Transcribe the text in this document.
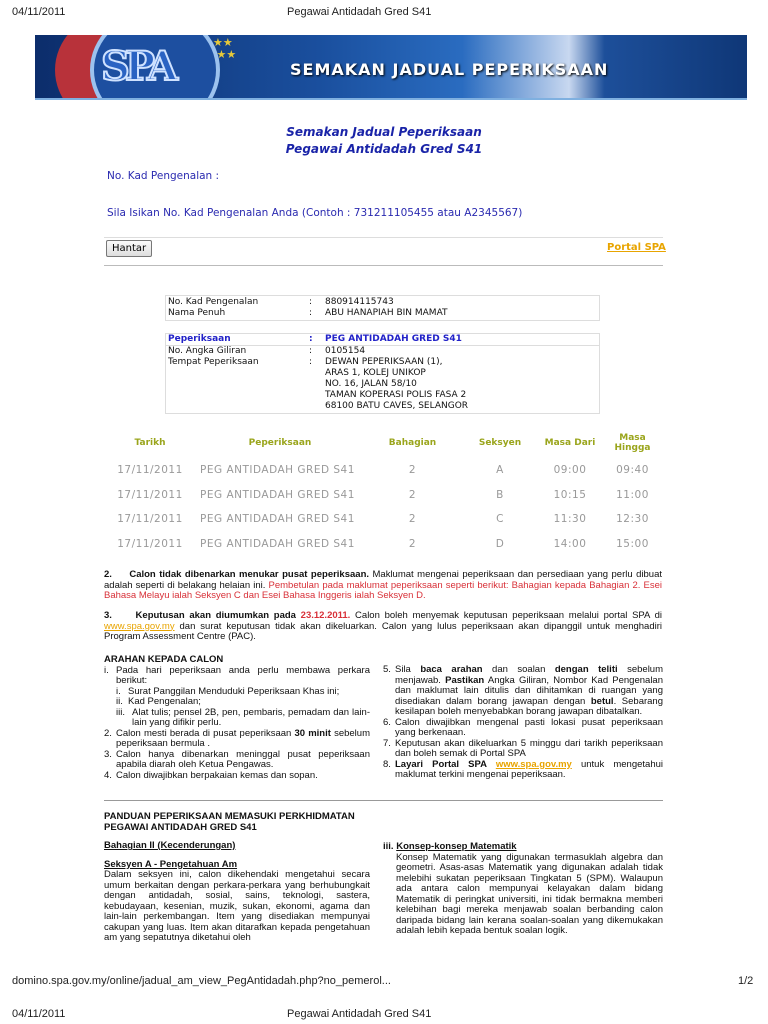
04/11/2011	Pegawai Antidadah Gred S41
SPA
★★
★★
SEMAKAN JADUAL PEPERIKSAAN
Semakan Jadual Peperiksaan
Pegawai Antidadah Gred S41
No. Kad Pengenalan :
Sila Isikan No. Kad Pengenalan Anda (Contoh : 731211105455 atau A2345567)
Hantar	Portal SPA
No. Kad Pengenalan	:	880914115743
Nama Penuh	:	ABU HANAPIAH BIN MAMAT
Peperiksaan	:	PEG ANTIDADAH GRED S41
No. Angka Giliran	:	0105154
Tempat Peperiksaan	:	DEWAN PEPERIKSAAN (1),
ARAS 1, KOLEJ UNIKOP
NO. 16, JALAN 58/10
TAMAN KOPERASI POLIS FASA 2
68100 BATU CAVES, SELANGOR
Tarikh	Peperiksaan	Bahagian	Seksyen	Masa Dari	Masa Hingga
17/11/2011	PEG ANTIDADAH GRED S41	2	A	09:00	09:40
17/11/2011	PEG ANTIDADAH GRED S41	2	B	10:15	11:00
17/11/2011	PEG ANTIDADAH GRED S41	2	C	11:30	12:30
17/11/2011	PEG ANTIDADAH GRED S41	2	D	14:00	15:00
2. Calon tidak dibenarkan menukar pusat peperiksaan. Maklumat mengenai peperiksaan dan persediaan yang perlu dibuat adalah seperti di belakang helaian ini. Pembetulan pada maklumat peperiksaan seperti berikut: Bahagian kepada Bahagian 2. Esei Bahasa Melayu ialah Seksyen C dan Esei Bahasa Inggeris ialah Seksyen D.
3. Keputusan akan diumumkan pada 23.12.2011. Calon boleh menyemak keputusan peperiksaan melalui portal SPA di www.spa.gov.my dan surat keputusan tidak akan dikeluarkan. Calon yang lulus peperiksaan akan dipanggil untuk menghadiri Program Assessment Centre (PAC).
ARAHAN KEPADA CALON
i. Pada hari peperiksaan anda perlu membawa perkara berikut:
i. Surat Panggilan Menduduki Peperiksaan Khas ini;
ii. Kad Pengenalan;
iii. Alat tulis; pensel 2B, pen, pembaris, pemadam dan lain-lain yang difikir perlu.
2. Calon mesti berada di pusat peperiksaan 30 minit sebelum peperiksaan bermula .
3. Calon hanya dibenarkan meninggal pusat peperiksaan apabila diarah oleh Ketua Pengawas.
4. Calon diwajibkan berpakaian kemas dan sopan.
5. Sila baca arahan dan soalan dengan teliti sebelum menjawab. Pastikan Angka Giliran, Nombor Kad Pengenalan dan maklumat lain ditulis dan dihitamkan di ruangan yang disediakan dalam borang jawapan dengan betul. Sebarang kesilapan boleh menyebabkan borang jawapan dibatalkan.
6. Calon diwajibkan mengenal pasti lokasi pusat peperiksaan yang berkenaan.
7. Keputusan akan dikeluarkan 5 minggu dari tarikh peperiksaan dan boleh semak di Portal SPA
8. Layari Portal SPA www.spa.gov.my untuk mengetahui maklumat terkini mengenai peperiksaan.
PANDUAN PEPERIKSAAN MEMASUKI PERKHIDMATAN
PEGAWAI ANTIDADAH GRED S41
Bahagian II (Kecenderungan)
Seksyen A - Pengetahuan Am
Dalam seksyen ini, calon dikehendaki mengetahui secara umum berkaitan dengan perkara-perkara yang berhubungkait dengan antidadah, sosial, sains, teknologi, sastera, kebudayaan, kesenian, muzik, sukan, ekonomi, agama dan lain-lain perkembangan. Item yang disediakan mempunyai cakupan yang luas. Item akan ditarafkan kepada pengetahuan am yang sepatutnya diketahui oleh
iii. Konsep-konsep Matematik
Konsep Matematik yang digunakan termasuklah algebra dan geometri. Asas-asas Matematik yang digunakan adalah tidak melebihi sukatan peperiksaan Tingkatan 5 (SPM). Walaupun ada antara calon mempunyai kelayakan dalam bidang Matematik di peringkat universiti, ini tidak bermakna memberi kelebihan bagi mereka menjawab soalan berbanding calon daripada bidang lain kerana soalan-soalan yang dikemukakan adalah lebih kepada bentuk soalan logik.
domino.spa.gov.my/online/jadual_am_view_PegAntidadah.php?no_pemerol...	1/2
04/11/2011	Pegawai Antidadah Gred S41
